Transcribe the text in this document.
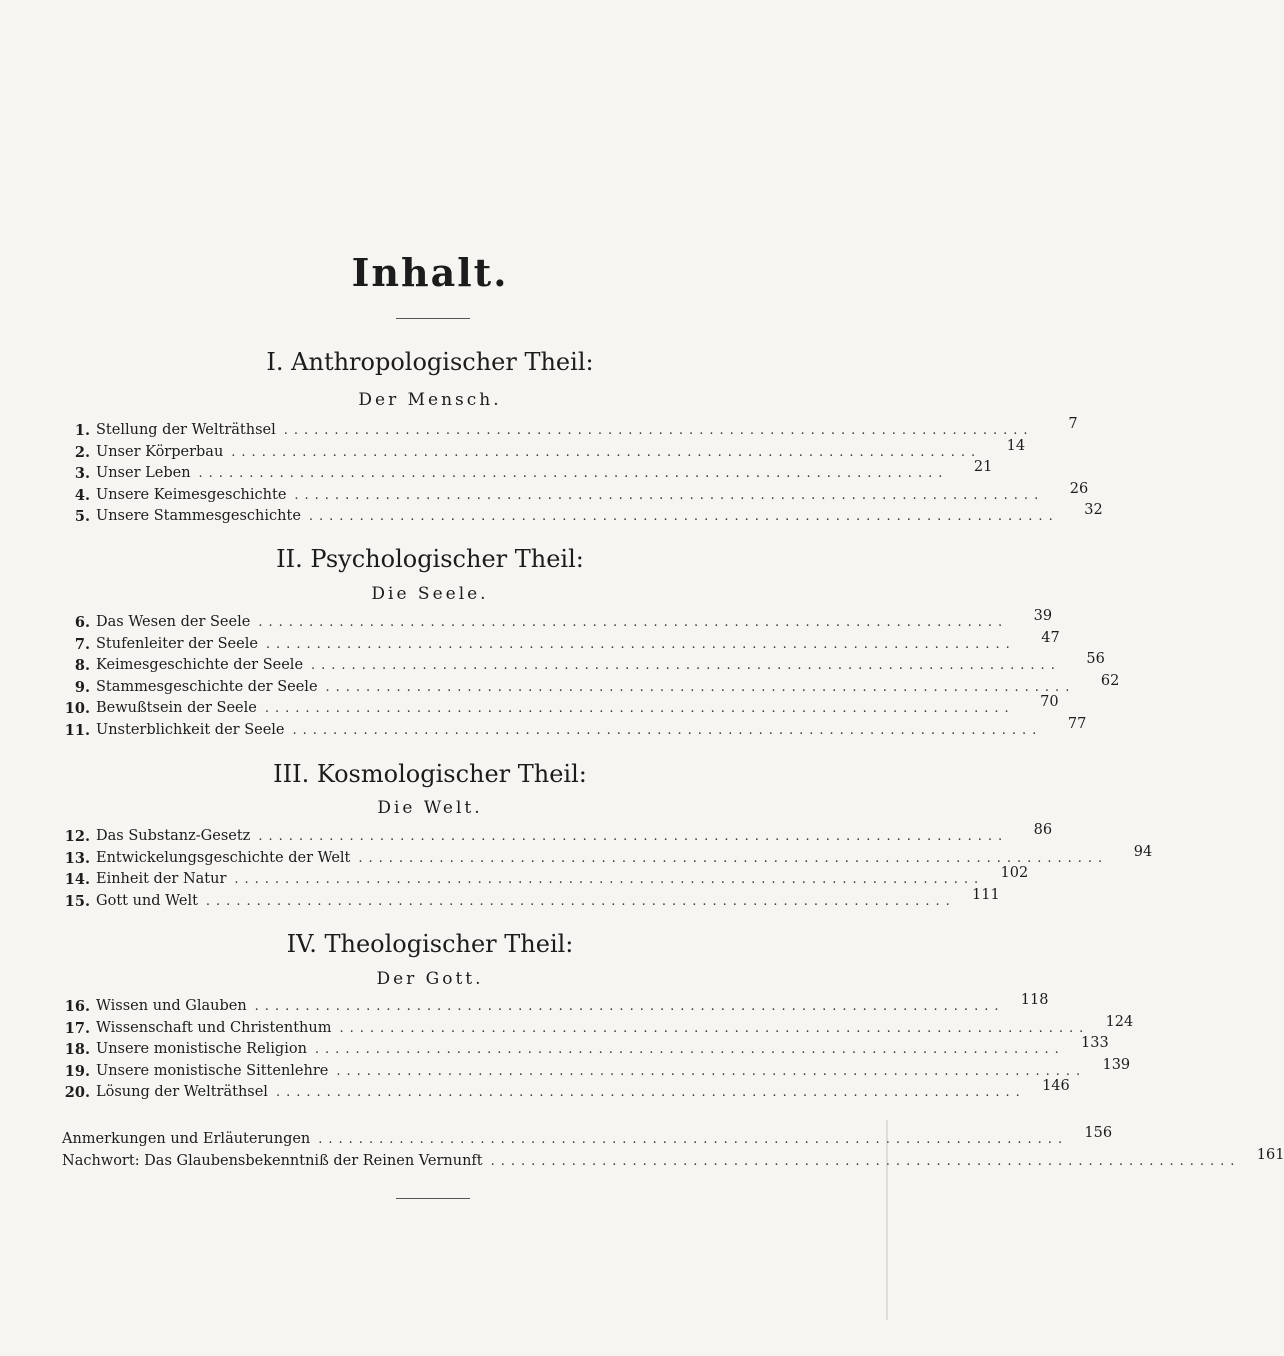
Inhalt.
I. Anthropologischer Theil:
Der Mensch.
1. Stellung der Welträthsel ..........................................................................	7
2. Unser Körperbau ..........................................................................	14
3. Unser Leben ..........................................................................	21
4. Unsere Keimesgeschichte ..........................................................................	26
5. Unsere Stammesgeschichte ..........................................................................	32
II. Psychologischer Theil:
Die Seele.
6. Das Wesen der Seele ..........................................................................	39
7. Stufenleiter der Seele ..........................................................................	47
8. Keimesgeschichte der Seele ..........................................................................	56
9. Stammesgeschichte der Seele ..........................................................................	62
10. Bewußtsein der Seele ..........................................................................	70
11. Unsterblichkeit der Seele ..........................................................................	77
III. Kosmologischer Theil:
Die Welt.
12. Das Substanz-Gesetz ..........................................................................	86
13. Entwickelungsgeschichte der Welt ..........................................................................	94
14. Einheit der Natur ..........................................................................	102
15. Gott und Welt ..........................................................................	111
IV. Theologischer Theil:
Der Gott.
16. Wissen und Glauben ..........................................................................	118
17. Wissenschaft und Christenthum ..........................................................................	124
18. Unsere monistische Religion ..........................................................................	133
19. Unsere monistische Sittenlehre ..........................................................................	139
20. Lösung der Welträthsel ..........................................................................	146
Anmerkungen und Erläuterungen ..........................................................................	156
Nachwort: Das Glaubensbekenntniß der Reinen Vernunft ..........................................................................	161
